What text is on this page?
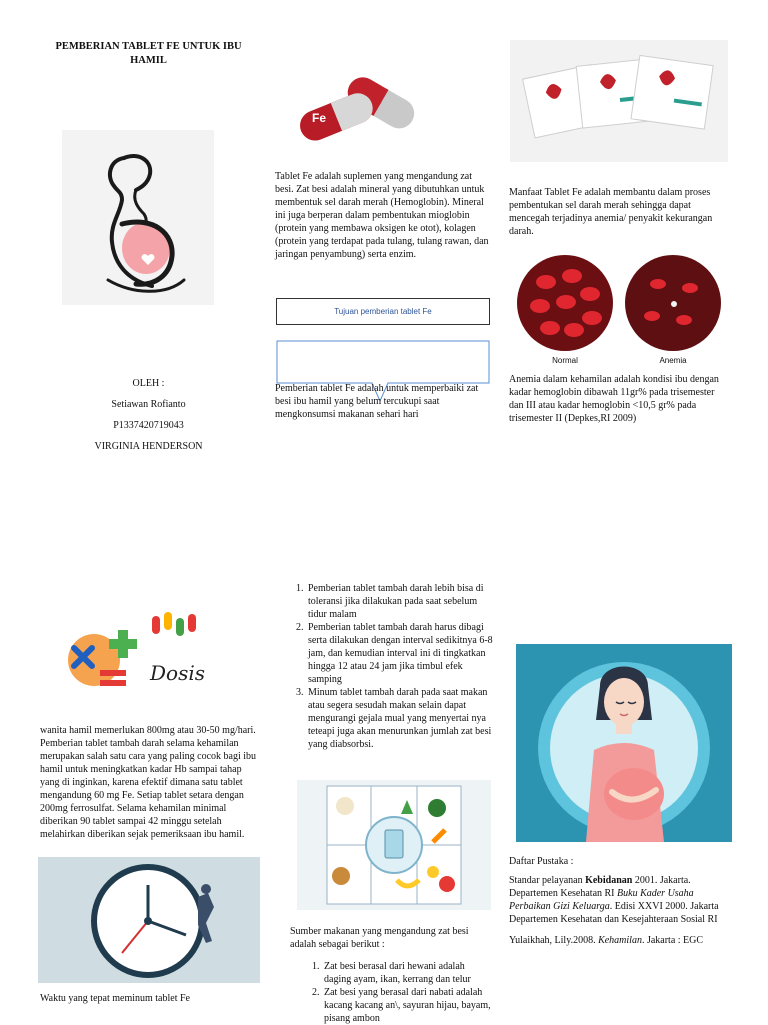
PEMBERIAN TABLET FE UNTUK IBU HAMIL
OLEH :
Setiawan Rofianto
P1337420719043
VIRGINIA HENDERSON
Fe
Tablet Fe adalah suplemen yang mengandung zat besi. Zat besi adalah mineral yang dibutuhkan untuk membentuk sel darah merah (Hemoglobin). Mineral ini juga berperan dalam pembentukan mioglobin (protein yang membawa oksigen ke otot), kolagen (protein yang terdapat pada tulang, tulang rawan, dan jaringan penyambung) serta enzim.
Tujuan pemberian tablet Fe
Pemberian tablet Fe adalah untuk memperbaiki zat besi ibu hamil yang belum tercukupi saat mengkonsumsi makanan sehari hari
Manfaat Tablet Fe adalah membantu dalam proses pembentukan sel darah merah sehingga dapat mencegah terjadinya anemia/ penyakit kekurangan darah.
Normal	Anemia
Anemia dalam kehamilan adalah kondisi ibu dengan kadar hemoglobin dibawah 11gr% pada trisemester dan III atau kadar hemoglobin <10,5 gr% pada trisemester II (Depkes,RI 2009)
Dosis
wanita hamil memerlukan 800mg atau 30-50 mg/hari. Pemberian tablet tambah darah selama kehamilan merupakan salah satu cara yang paling cocok bagi ibu hamil untuk meningkatkan kadar Hb sampai tahap yang di inginkan, karena efektif dimana satu tablet mengandung 60 mg Fe. Setiap tablet setara dengan 200mg ferrosulfat. Selama kehamilan minimal diberikan 90 tablet sampai 42 minggu setelah melahirkan diberikan sejak pemeriksaan ibu hamil.
Waktu yang tepat meminum tablet Fe
1. Pemberian tablet tambah darah lebih bisa di toleransi jika dilakukan pada saat sebelum tidur malam
2. Pemberian tablet tambah darah harus dibagi serta dilakukan dengan interval sedikitnya 6-8 jam, dan kemudian interval ini di tingkatkan hingga 12 atau 24 jam jika timbul efek samping
3. Minum tablet tambah darah pada saat makan atau segera sesudah makan selain dapat mengurangi gejala mual yang menyertai nya teteapi juga akan menurunkan jumlah zat besi yang diabsorbsi.
Sumber makanan yang mengandung zat besi adalah sebagai berikut :
1. Zat besi berasal dari hewani adalah daging ayam, ikan, kerrang dan telur
2. Zat besi yang berasal dari nabati adalah kacang kacang an\, sayuran hijau, bayam, pisang ambon
Daftar Pustaka :

Standar pelayanan Kebidanan 2001. Jakarta. Departemen Kesehatan RI Buku Kader Usaha Perbaikan Gizi Keluarga. Edisi XXVI 2000. Jakarta Departemen Kesehatan dan Kesejahteraan Sosial RI

Yulaikhah, Lily.2008. Kehamilan. Jakarta : EGC
